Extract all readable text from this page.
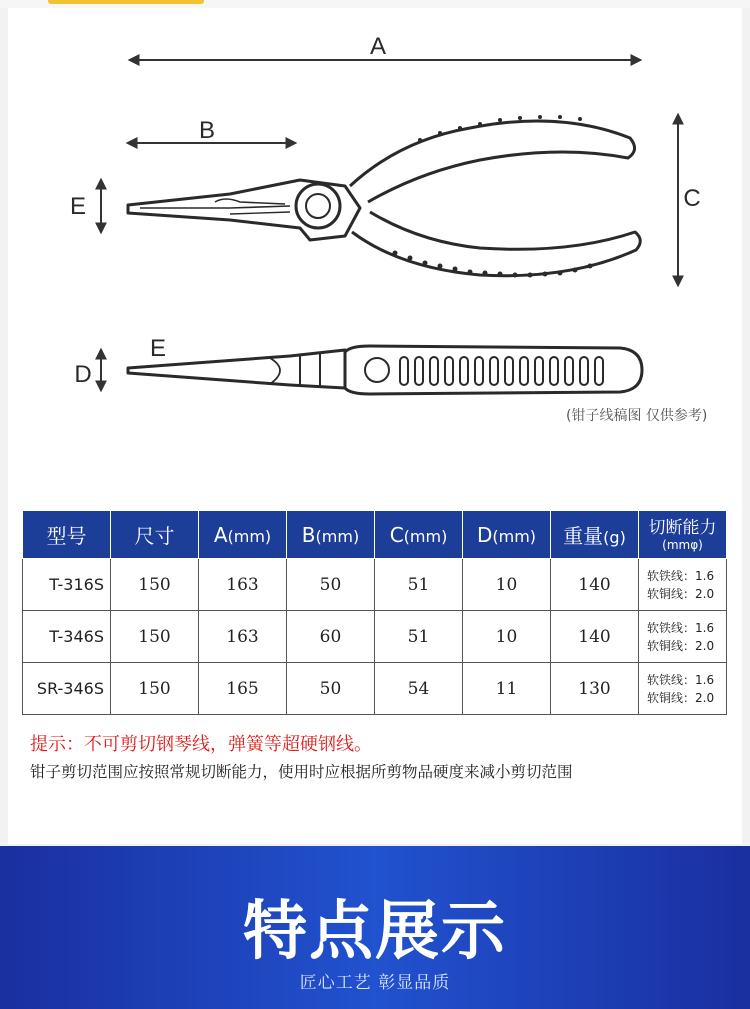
A
B
C
E
D
E
(钳子线稿图 仅供参考)
型号	尺寸	A(mm)	B(mm)	C(mm)	D(mm)	重量(g)	切断能力
(mmφ)

T-316S	150	163	50	51	10	140	软铁线：1.6
软铜线：2.0

T-346S	150	163	60	51	10	140	软铁线：1.6
软铜线：2.0

SR-346S	150	165	50	54	11	130	软铁线：1.6
软铜线：2.0
提示：不可剪切钢琴线，弹簧等超硬钢线。
钳子剪切范围应按照常规切断能力，使用时应根据所剪物品硬度来减小剪切范围
特点展示
匠心工艺 彰显品质
